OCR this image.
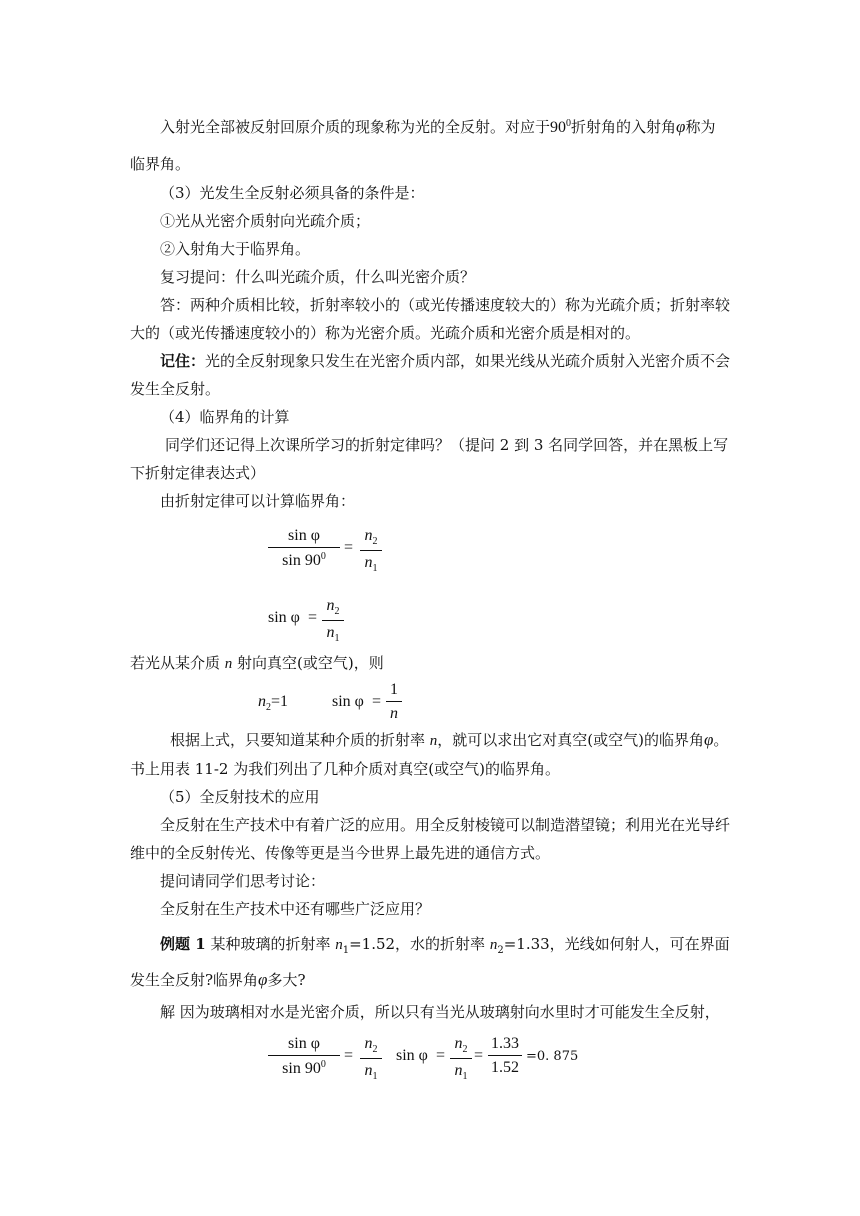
入射光全部被反射回原介质的现象称为光的全反射。对应于$90^0$折射角的入射角φ称为
临界角。
（3）光发生全反射必须具备的条件是：
①光从光密介质射向光疏介质；
②入射角大于临界角。
复习提问：什么叫光疏介质，什么叫光密介质？
答：两种介质相比较，折射率较小的（或光传播速度较大的）称为光疏介质；折射率较
大的（或光传播速度较小的）称为光密介质。光疏介质和光密介质是相对的。
记住：光的全反射现象只发生在光密介质内部，如果光线从光疏介质射入光密介质不会
发生全反射。
（4）临界角的计算
同学们还记得上次课所学习的折射定律吗？（提问 2 到 3 名同学回答，并在黑板上写
下折射定律表达式）
由折射定律可以计算临界角：
sin φ
$\sin 90^0$
=
$n_2$
$n_1$
sin φ =
$n_2$
$n_1$
若光从某介质 n 射向真空(或空气)，则
$n_2=1$	sin φ =
1
n
根据上式，只要知道某种介质的折射率 n，就可以求出它对真空(或空气)的临界角φ。
书上用表 11-2 为我们列出了几种介质对真空(或空气)的临界角。
（5）全反射技术的应用
全反射在生产技术中有着广泛的应用。用全反射棱镜可以制造潜望镜；利用光在光导纤
维中的全反射传光、传像等更是当今世界上最先进的通信方式。
提问请同学们思考讨论：
全反射在生产技术中还有哪些广泛应用？
例题 1 某种玻璃的折射率 $n_1=1.52$，水的折射率 $n_2=1.33$，光线如何射人，可在界面
发生全反射?临界角φ多大?
解 因为玻璃相对水是光密介质，所以只有当光从玻璃射向水里时才可能发生全反射，
sin φ
$\sin 90^0$
=
$n_2$
$n_1$
sin φ =
$n_2$
$n_1$
=
1.33
1.52
=0. 875
